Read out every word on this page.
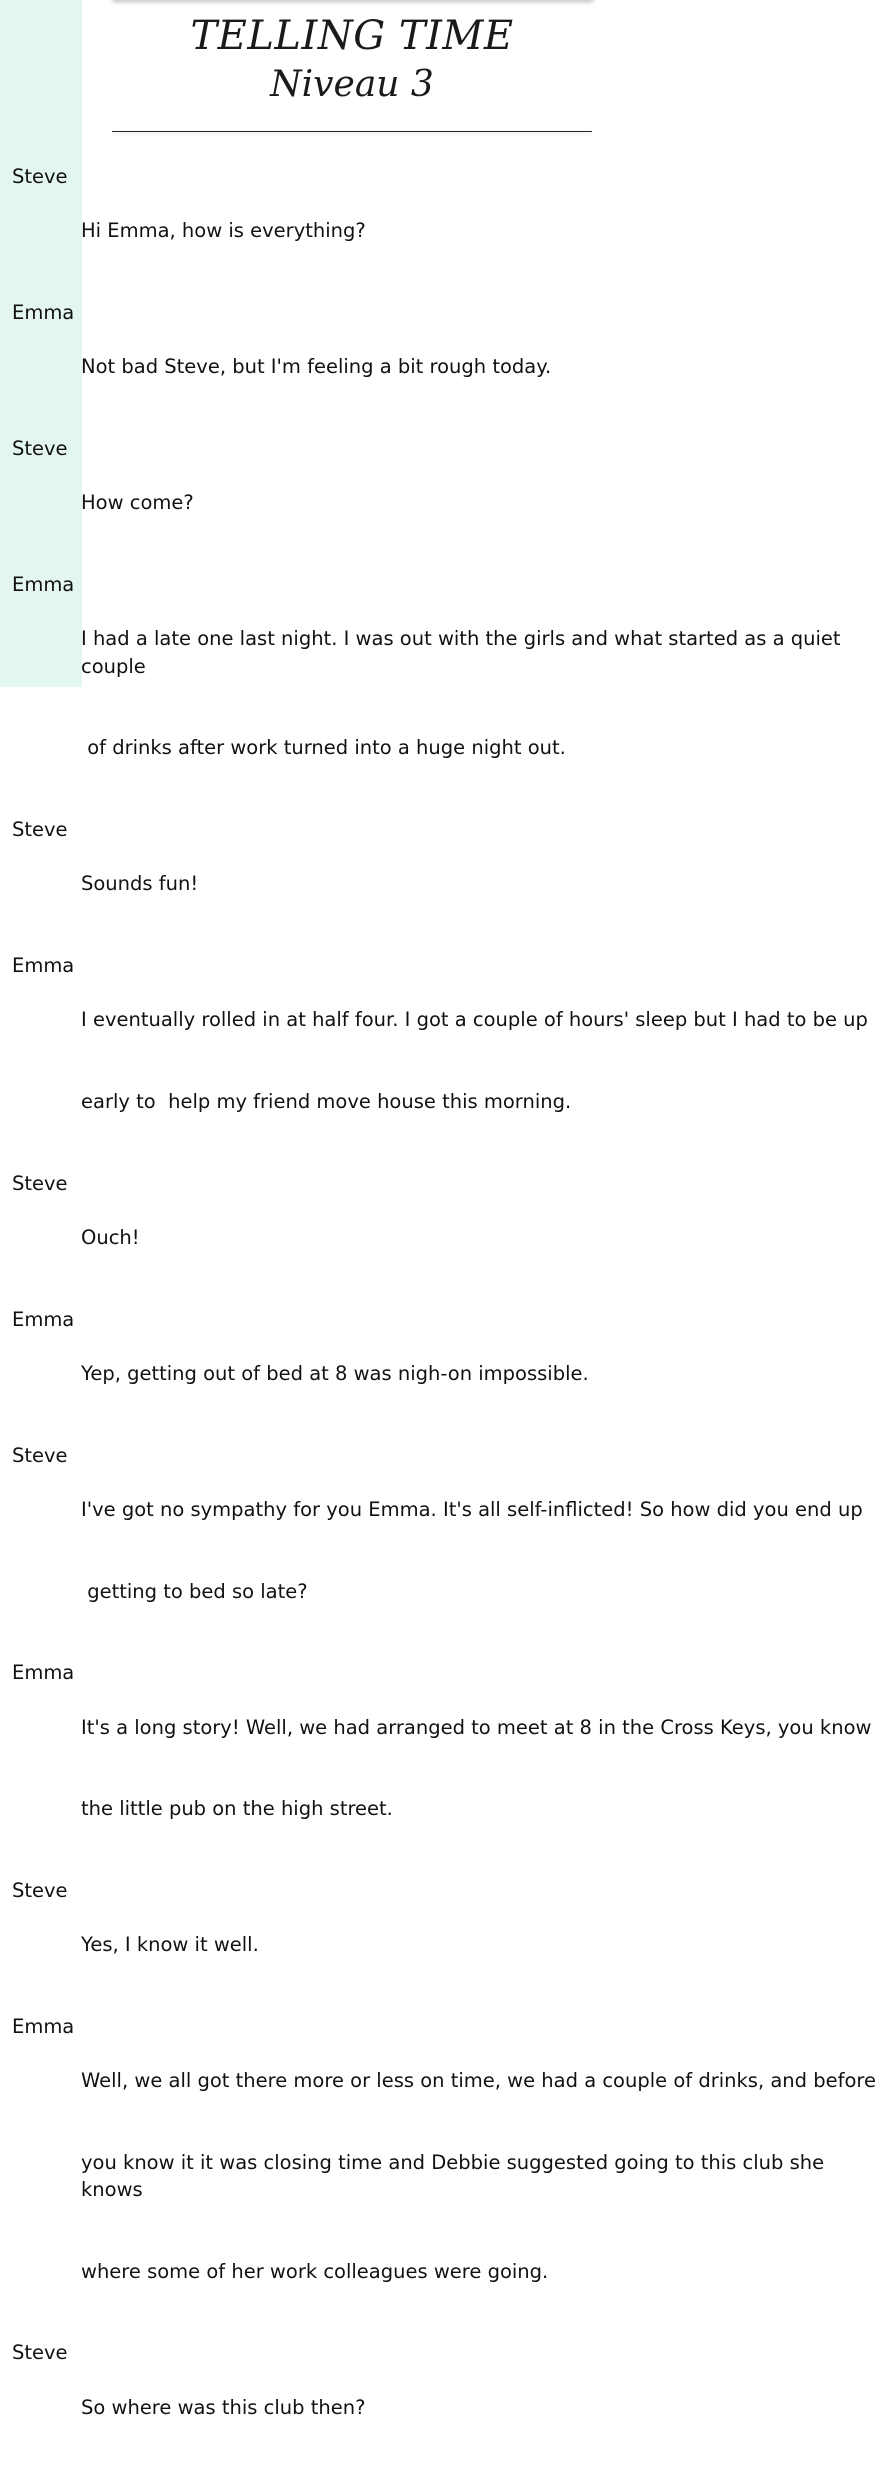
TELLING TIME
Niveau 3
Steve

Hi Emma, how is everything?

Emma

Not bad Steve, but I'm feeling a bit rough today.

Steve

How come?

Emma

I had a late one last night. I was out with the girls and what started as a quiet couple

of drinks after work turned into a huge night out.

Steve

Sounds fun!

Emma

I eventually rolled in at half four. I got a couple of hours' sleep but I had to be up

early to  help my friend move house this morning.

Steve

Ouch!

Emma

Yep, getting out of bed at 8 was nigh-on impossible.

Steve

I've got no sympathy for you Emma. It's all self-inflicted! So how did you end up

getting to bed so late?

Emma

It's a long story! Well, we had arranged to meet at 8 in the Cross Keys, you know

the little pub on the high street.

Steve

Yes, I know it well.

Emma

Well, we all got there more or less on time, we had a couple of drinks, and before

you know it it was closing time and Debbie suggested going to this club she knows

where some of her work colleagues were going.

Steve

So where was this club then?
